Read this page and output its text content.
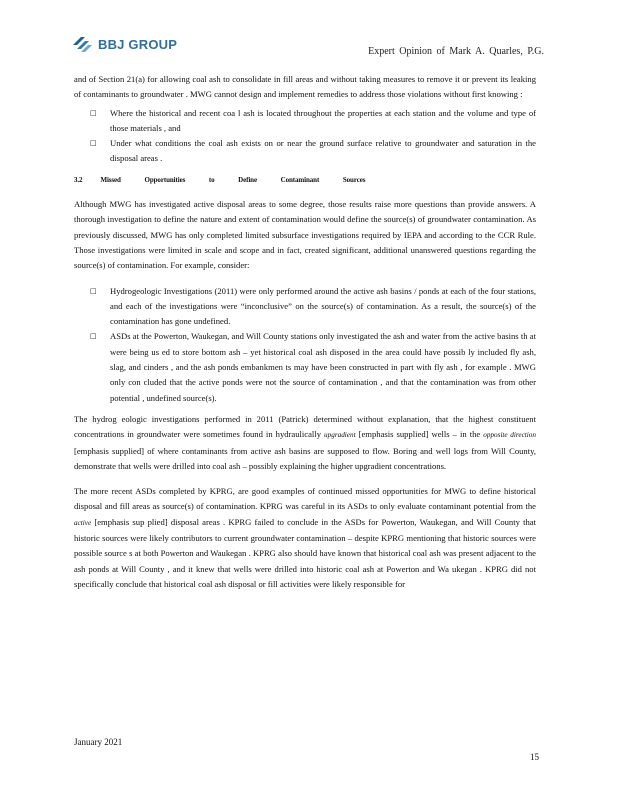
BBJ GROUP	Expert Opinion of Mark A. Quarles, P.G.

and of Section 21(a) for allowing coal ash to consolidate in fill areas and without taking measures to remove it or prevent its leaking of contaminants to groundwater . MWG cannot design and implement remedies to address those violations without first knowing :

□ Where the historical and recent coa l ash is located throughout the properties at each station and the volume and type of those materials , and
□ Under what conditions the coal ash exists on or near the ground surface relative to groundwater and saturation in the disposal areas .
3.2	Missed Opportunities to Define Contaminant Sources

Although MWG has investigated active disposal areas to some degree, those results raise more questions than provide answers. A thorough investigation to define the nature and extent of contamination would define the source(s) of groundwater contamination. As previously discussed, MWG has only completed limited subsurface investigations required by IEPA and according to the CCR Rule. Those investigations were limited in scale and scope and in fact, created significant, additional unanswered questions regarding the source(s) of contamination. For example, consider:

□ Hydrogeologic Investigations (2011) were only performed around the active ash basins / ponds at each of the four stations, and each of the investigations were “inconclusive” on the source(s) of contamination. As a result, the source(s) of the contamination has gone undefined.
□ ASDs at the Powerton, Waukegan, and Will County stations only investigated the ash and water from the active basins th at were being us ed to store bottom ash – yet historical coal ash disposed in the area could have possib ly included fly ash, slag, and cinders , and the ash ponds embankmen ts may have been constructed in part with fly ash , for example . MWG only con cluded that the active ponds were not the source of contamination , and that the contamination was from other potential , undefined source(s).

The hydrog eologic investigations performed in 2011 (Patrick) determined without explanation, that the highest constituent concentrations in groundwater were sometimes found in hydraulically upgradient [emphasis supplied] wells – in the opposite direction [emphasis supplied] of where contaminants from active ash basins are supposed to flow. Boring and well logs from Will County, demonstrate that wells were drilled into coal ash – possibly explaining the higher upgradient concentrations.

The more recent ASDs completed by KPRG, are good examples of continued missed opportunities for MWG to define historical disposal and fill areas as source(s) of contamination. KPRG was careful in its ASDs to only evaluate contaminant potential from the active [emphasis sup plied] disposal areas . KPRG failed to conclude in the ASDs for Powerton, Waukegan, and Will County that historic sources were likely contributors to current groundwater contamination – despite KPRG mentioning that historic sources were possible source s at both Powerton and Waukegan . KPRG also should have known that historical coal ash was present adjacent to the ash ponds at Will County , and it knew that wells were drilled into historic coal ash at Powerton and Wa ukegan . KPRG did not specifically conclude that historical coal ash disposal or fill activities were likely responsible for

January 2021
15
